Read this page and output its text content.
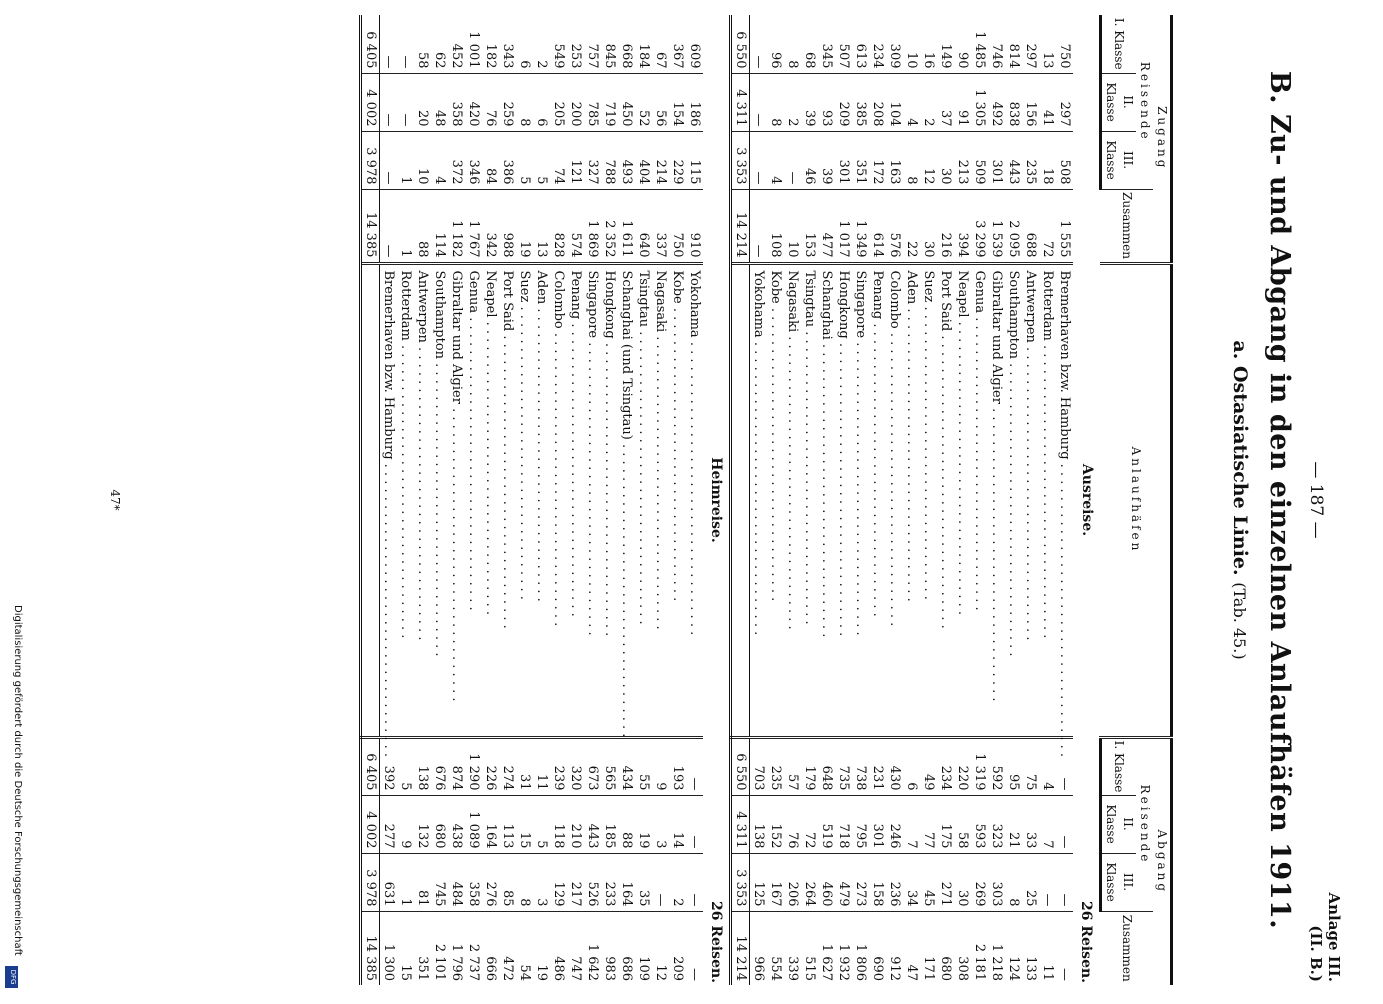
Digitalisierung gefördert durch die Deutsche Forschungsgemeinschaft
DFG	Anlage III.
(II. B.)
— 187 —
B. Zu- und Abgang in den einzelnen Anlaufhäfen 1911.
a. Ostasiatische Linie. (Tab. 45.)
Zugang				Anlaufhäfen	Abgang			
Reisende			Zusammen		Reisende			Zusammen
I. Klasse	II. Klasse	III. Klasse			I. Klasse	II. Klasse	III. Klasse	
				Ausreise.	26 Reisen.			
750	297	508	1 555	Bremerhaven bzw. Hamburg . . .	—	—	—	—
13	41	18	72	Rotterdam . . .	4	7	—	11
297	156	235	688	Antwerpen . . .	75	33	25	133
814	838	443	2 095	Southampton . . .	95	21	8	124
746	492	301	1 539	Gibraltar und Algier . . .	592	323	303	1 218
1 485	1 305	509	3 299	Genua . . .	1 319	593	269	2 181
90	91	213	394	Neapel . . .	220	58	30	308
149	37	30	216	Port Said . . .	234	175	271	680
16	2	12	30	Suez . . .	49	77	45	171
10	4	8	22	Aden . . .	6	7	34	47
309	104	163	576	Colombo . . .	430	246	236	912
234	208	172	614	Penang . . .	231	301	158	690
613	385	351	1 349	Singapore . . .	738	795	273	1 806
507	209	301	1 017	Hongkong . . .	735	718	479	1 932
345	93	39	477	Schanghai . . .	648	519	460	1 627
68	39	46	153	Tsingtau . . .	179	72	264	515
8	2	—	10	Nagasaki . . .	57	76	206	339
96	8	4	108	Kobe . . .	235	152	167	554
—	—	—	—	Yokohama . . .	703	138	125	966
6 550	4 311	3 353	14 214		6 550	4 311	3 353	14 214
				Heimreise.	26 Reisen.			
609	186	115	910	Yokohama . . .	—	—	—	—
367	154	229	750	Kobe . . .	193	14	2	209
67	56	214	337	Nagasaki . . .	9	3	—	12
184	52	404	640	Tsingtau . . .	55	19	35	109
668	450	493	1 611	Schanghai (und Tsingtau) . . .	434	88	164	686
845	719	788	2 352	Hongkong . . .	565	185	233	983
757	785	327	1 869	Singapore . . .	673	443	526	1 642
253	200	121	574	Penang . . .	320	210	217	747
549	205	74	828	Colombo . . .	239	118	129	486
2	6	5	13	Aden . . .	11	5	3	19
6	8	5	19	Suez . . .	31	15	8	54
343	259	386	988	Port Said . . .	274	113	85	472
182	76	84	342	Neapel . . .	226	164	276	666
1 001	420	346	1 767	Genua . . .	1 290	1 089	358	2 737
452	358	372	1 182	Gibraltar und Algier . . .	874	438	484	1 796
62	48	4	114	Southampton . . .	676	680	745	2 101
58	20	10	88	Antwerpen . . .	138	132	81	351
—	—	1	1	Rotterdam . . .	5	9	1	15
—	—	—	—	Bremerhaven bzw. Hamburg . . .	392	277	631	1 300
6 405	4 002	3 978	14 385		6 405	4 002	3 978	14 385
47*
